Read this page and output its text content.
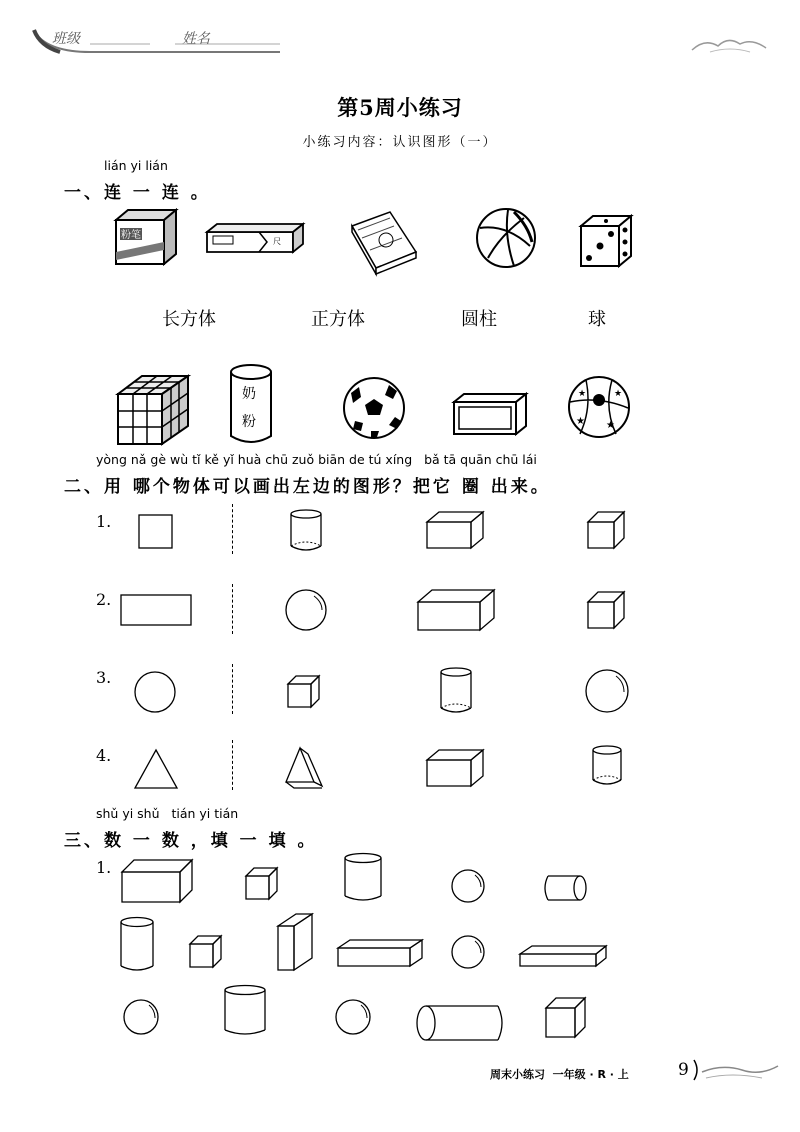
班级	姓名
第5周小练习
小练习内容：认识图形（一）
lián yi lián
一、连 一 连 。
粉笔
尺
长方体	正方体	圆柱	球
奶
粉	★ ★
★
★
yòng nǎ gè wù tǐ kě yǐ huà chū zuǒ biān de tú xíng   bǎ tā quān chū lái
二、用 哪个物体可以画出左边的图形？把它 圈 出来。
1.
2.
3.
4.
shǔ yi shǔ   tián yi tián
三、数 一 数 ，填 一 填 。
1.
周末小练习  一年级 · R · 上	9
